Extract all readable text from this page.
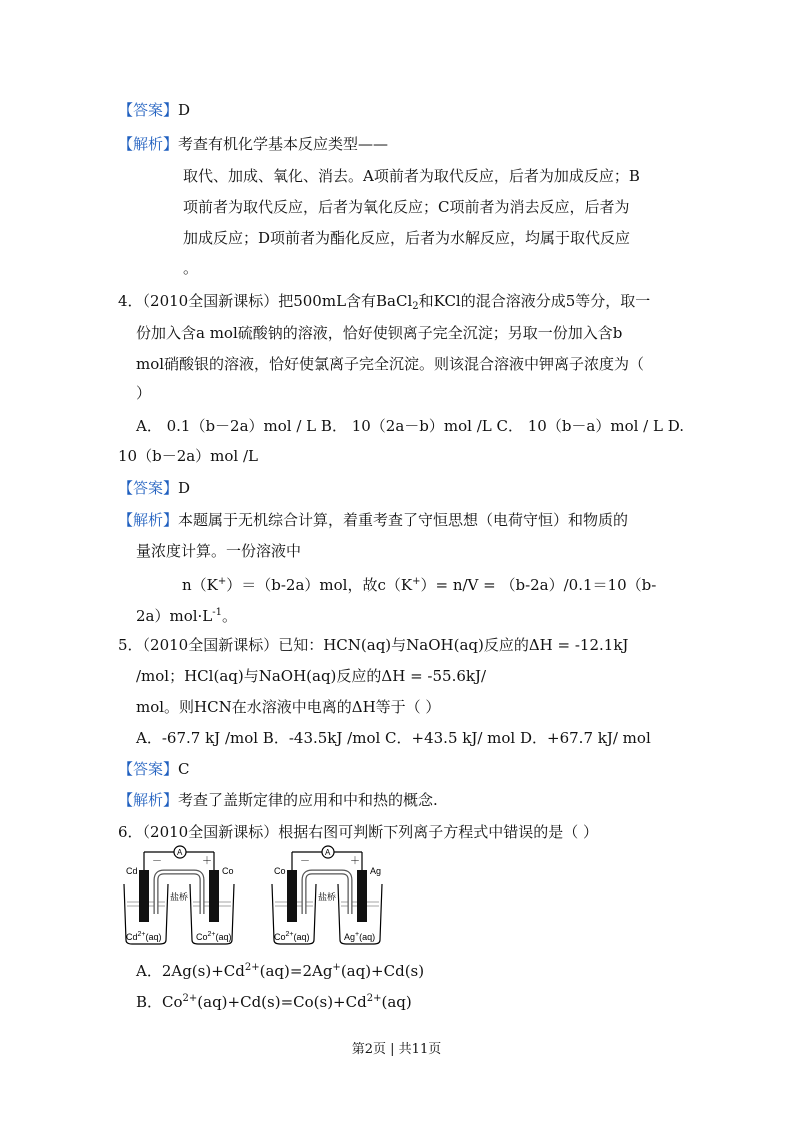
【答案】D
【解析】考查有机化学基本反应类型——
取代、加成、氧化、消去。A项前者为取代反应，后者为加成反应；B
项前者为取代反应，后者为氧化反应；C项前者为消去反应，后者为
加成反应；D项前者为酯化反应，后者为水解反应，均属于取代反应
。
4．（2010全国新课标）把500mL含有BaCl$_2$和KCl的混合溶液分成5等分，取一
份加入含a mol硫酸钠的溶液，恰好使钡离子完全沉淀；另取一份加入含b
mol硝酸银的溶液，恰好使氯离子完全沉淀。则该混合溶液中钾离子浓度为（
）
A． 0.1（b－2a）mol / L B． 10（2a－b）mol /L C． 10（b－a）mol / L D.
10（b－2a）mol /L
【答案】D
【解析】本题属于无机综合计算，着重考查了守恒思想（电荷守恒）和物质的
量浓度计算。一份溶液中
n（K+）＝（b-2a）mol，故c（K+）= n/V = （b-2a）/0.1＝10（b-
$2a)mol\cdot L^{-1}$。
5．（2010全国新课标）已知：HCN(aq)与NaOH(aq)反应的ΔH = -12.1kJ
/mol；HCl(aq)与NaOH(aq)反应的ΔH = -55.6kJ/
mol。则HCN在水溶液中电离的ΔH等于（ ）
A．-67.7 kJ /mol B．-43.5kJ /mol C．+43.5 kJ/ mol D．+67.7 kJ/ mol
【答案】C
【解析】考查了盖斯定律的应用和中和热的概念.
6．（2010全国新课标）根据右图可判断下列离子方程式中错误的是（ ）
Cd	Co
－	＋
A
盐桥
$Cd^{2+}(aq)$	$Co^{2+}(aq)$
Co	Ag
－	＋
A
盐桥
$Co^{2+}(aq)$	Ag+(aq)
A．$2Ag(s)+Cd^{2+}(aq)=2Ag^+(aq)+Cd(s)$
B．$Co^{2+}(aq)+Cd(s)=Co(s)+Cd^{2+}(aq)$
第2页 | 共11页
